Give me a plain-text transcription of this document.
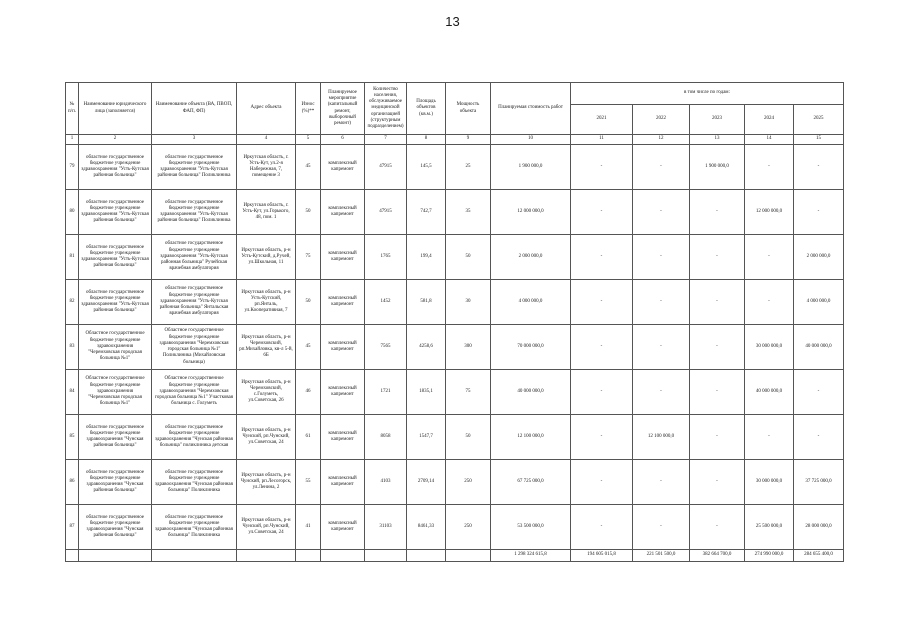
13
№ п/п.	Наименование юридического лица (заполняется)	Наименование объекта (ВА, ПВОП, ФАП, ФП)	Адрес объекта	Износ (%)**	Планируемое мероприятие (капитальный ремонт, выборочный ремонт)	Количество населения, обслуживаемое медицинской организацией (структурным подразделением)	Площадь объектов (кв.м.)	Мощность объекта	Планируемая стоимость работ	в том числе по годам:				
										2021	2022	2023	2024	2025
1	2	3	4	5	6	7	8	9	10	11	12	13	14	15
79	областное государственное бюджетное учреждение здравоохранения "Усть-Кутская районная больница"	областное государственное бюджетное учреждение здравоохранения "Усть-Кутская районная больница" Поликлиника	Иркутская область, г. Усть-Кут, ул.2-я Набережная, 7, помещение 3	45	комплексный капремонт	47915	145,5	25	1 900 000,0	-	-	1 900 000,0	-	-
80	областное государственное бюджетное учреждение здравоохранения "Усть-Кутская районная больница"	областное государственное бюджетное учреждение здравоохранения "Усть-Кутская районная больница" Поликлиника	Иркутская область, г. Усть-Кут, ул.Горького, 48, пом. 1	50	комплексный капремонт	47915	742,7	35	12 000 000,0	-	-	-	12 000 000,0	-
81	областное государственное бюджетное учреждение здравоохранения "Усть-Кутская районная больница"	областное государственное бюджетное учреждение здравоохранения "Усть-Кутская районная больница" Ручейская врачебная амбулатория	Иркутская область, р-н Усть-Кутский, д.Ручей, ул.Школьная, 11	75	комплексный капремонт	1765	199,4	50	2 000 000,0	-	-	-	-	2 000 000,0
82	областное государственное бюджетное учреждение здравоохранения "Усть-Кутская районная больница"	областное государственное бюджетное учреждение здравоохранения "Усть-Кутская районная больница" Янтальская врачебная амбулатория	Иркутская область, р-н Усть-Кутский, рп.Янталь, ул.Кооперативная, 7	50	комплексный капремонт	1452	581,8	30	4 000 000,0	-	-	-	-	4 000 000,0
83	Областное государственное бюджетное учреждение здравоохранения "Черемховская городская больница №1"	Областное государственное бюджетное учреждение здравоохранения "Черемховская городская больница №1" Поликлиника (Михайловская больница)	Иркутская область, р-н Черемховский, рп.Михайловка, кв-л 5-й, 6Б	45	комплексный капремонт	7565	4258,6	300	70 000 000,0	-	-	-	30 000 000,0	40 000 000,0
84	Областное государственное бюджетное учреждение здравоохранения "Черемховская городская больница №1"	Областное государственное бюджетное учреждение здравоохранения "Черемховская городская больница №1" Участковая больница с. Голуметь	Иркутская область, р-н Черемховский, с.Голуметь, ул.Советская, 26	46	комплексный капремонт	1721	1835,1	75	40 000 000,0	-	-	-	40 000 000,0	-
85	областное государственное бюджетное учреждение здравоохранения "Чунская районная больница"	областное государственное бюджетное учреждение здравоохранения "Чунская районная больница" поликлиника детская	Иркутская область, р-н Чунский, рп.Чунский, ул.Советская, 24	61	комплексный капремонт	8058	1547,7	50	12 100 000,0	-	12 100 000,0	-	-	-
86	областное государственное бюджетное учреждение здравоохранения "Чунская районная больница"	областное государственное бюджетное учреждение здравоохранения "Чунская районная больница" Поликлиника	Иркутская область, р-н Чунский, рп.Лесогорск, ул.Ленина, 2	55	комплексный капремонт	4103	2709,14	250	67 725 000,0	-	-	-	30 000 000,0	37 725 000,0
87	областное государственное бюджетное учреждение здравоохранения "Чунская районная больница"	областное государственное бюджетное учреждение здравоохранения "Чунская районная больница" Поликлиника	Иркутская область, р-н Чунский, рп.Чунский, ул.Советская, 24	41	комплексный капремонт	31103	8461,33	250	53 500 000,0	-	-	-	25 500 000,0	28 000 000,0
									1 298 324 615,8	194 605 015,8	221 501 500,0	382 664 700,0	274 990 000,0	284 655 400,0
